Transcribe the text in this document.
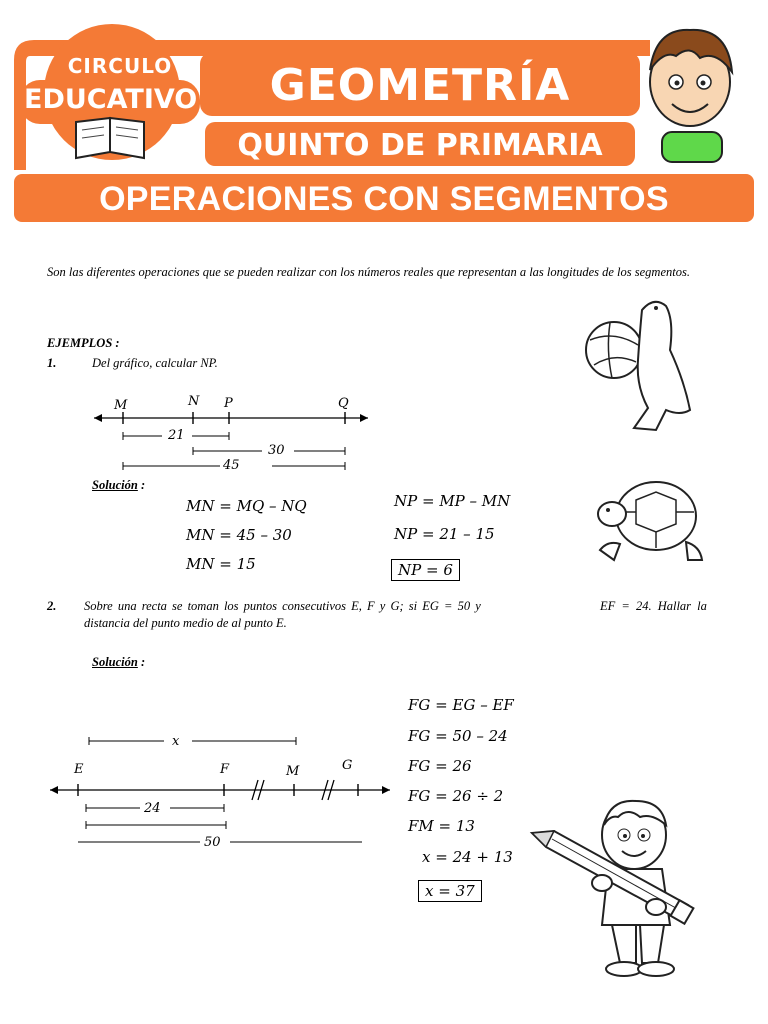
CIRCULO
EDUCATIVO	GEOMETRÍA
QUINTO DE PRIMARIA
OPERACIONES CON SEGMENTOS
Son las diferentes operaciones que se pueden realizar con los números reales que representan a las longitudes de los segmentos.
EJEMPLOS :
1.	Del gráfico, calcular NP.
M	N P	Q
21
30
45
Solución :
MN = MQ – NQ
MN = 45 – 30
MN = 15
NP = MP – MN
NP = 21 – 15
NP = 6
2. Sobre una recta se toman los puntos consecutivos E, F y G; si EG = 50 y	EF = 24. Hallar la
distancia del punto medio de al punto E.
Solución :
x
E	F	M	G
24
50
FG = EG – EF
FG = 50 – 24
FG = 26
FG = 26 ÷ 2
FM = 13
x = 24 + 13
x = 37
